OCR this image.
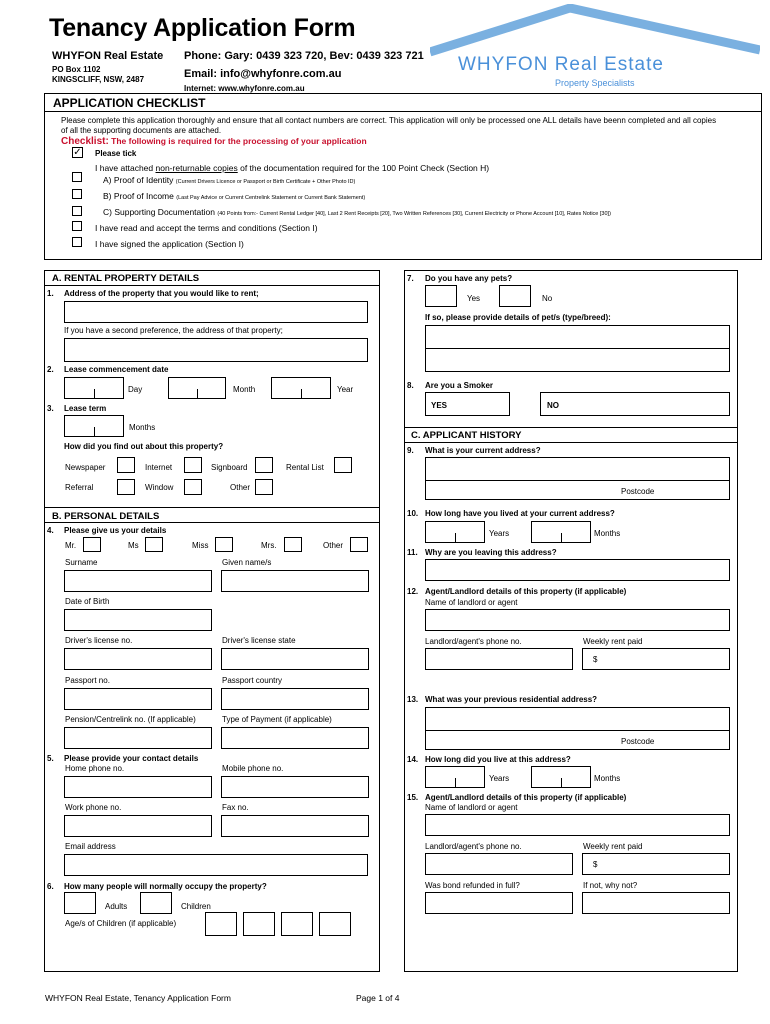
Tenancy Application Form
WHYFON Real Estate
PO Box 1102
KINGSCLIFF, NSW, 2487
Phone: Gary: 0439 323 720, Bev: 0439 323 721
Email: info@whyfonre.com.au
Internet: www.whyfonre.com.au
WHYFON Real Estate
Property Specialists
APPLICATION CHECKLIST
Please complete this application thoroughly and ensure that all contact numbers are correct. This application will only be processed one ALL details have beenn completed and all copies of all the supporting documents are attached.
Checklist: The following is required for the processing of your application
✓ Please tick
I have attached non-returnable copies of the documentation required for the 100 Point Check (Section H)
A) Proof of Identity (Current Drivers Licence or Passport or Birth Certificate + Other Photo ID)
B) Proof of Income (Last Pay Advice or Current Centrelink Statement or Current Bank Statement)
C) Supporting Documentation (40 Points from:- Current Rental Ledger [40], Last 2 Rent Receipts [20], Two Written References [30], Current Electricity or Phone Account [10], Rates Notice [30])
I have read and accept the terms and conditions (Section I)
I have signed the application (Section I)
A. RENTAL PROPERTY DETAILS
1. Address of the property that you would like to rent;
If you have a second preference, the address of that property;
2. Lease commencement date
Day	Month	Year
3. Lease term
Months
How did you find out about this property?
Newspaper	Internet	Signboard	Rental List
Referral	Window	Other
B. PERSONAL DETAILS
4. Please give us your details
Mr.	Ms	Miss	Mrs.	Other
Surname	Given name/s
Date of Birth
Driver's license no.	Driver's license state
Passport no.	Passport country
Pension/Centrelink no. (If applicable)	Type of Payment (if applicable)
5. Please provide your contact details
Home phone no.	Mobile phone no.
Work phone no.	Fax no.
Email address
6. How many people will normally occupy the property?
Adults	Children
Age/s of Children (if applicable)
7. Do you have any pets?
Yes	No
If so, please provide details of pet/s (type/breed):
8. Are you a Smoker
YES	NO
C. APPLICANT HISTORY
9. What is your current address?
Postcode
10. How long have you lived at your current address?
Years	Months
11. Why are you leaving this address?
12. Agent/Landlord details of this property (if applicable)
Name of landlord or agent
Landlord/agent's phone no.	Weekly rent paid
$
13. What was your previous residential address?
Postcode
14. How long did you live at this address?
Years	Months
15. Agent/Landlord details of this property (if applicable)
Name of landlord or agent
Landlord/agent's phone no.	Weekly rent paid
$
Was bond refunded in full?	If not, why not?
WHYFON Real Estate, Tenancy Application Form	Page 1 of 4
